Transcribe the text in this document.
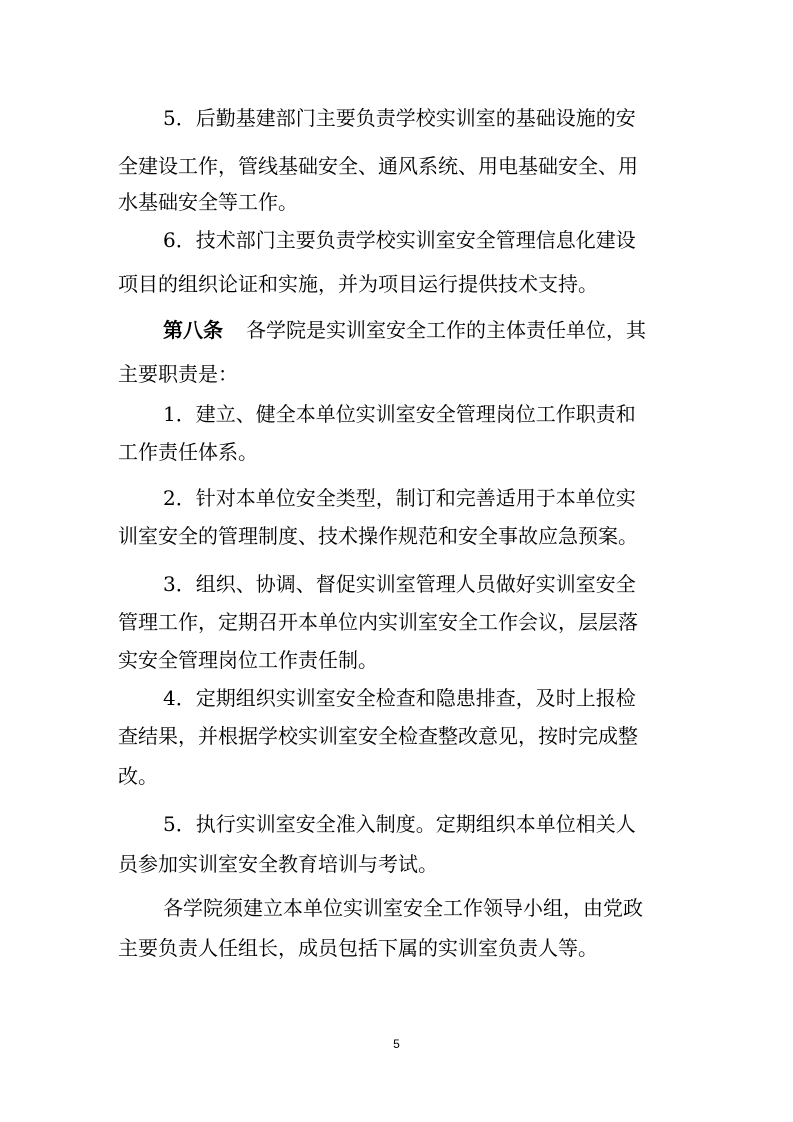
5．后勤基建部门主要负责学校实训室的基础设施的安
全建设工作，管线基础安全、通风系统、用电基础安全、用
水基础安全等工作。
6．技术部门主要负责学校实训室安全管理信息化建设
项目的组织论证和实施，并为项目运行提供技术支持。
第八条 各学院是实训室安全工作的主体责任单位，其
主要职责是：
1．建立、健全本单位实训室安全管理岗位工作职责和
工作责任体系。
2．针对本单位安全类型，制订和完善适用于本单位实
训室安全的管理制度、技术操作规范和安全事故应急预案。
3．组织、协调、督促实训室管理人员做好实训室安全
管理工作，定期召开本单位内实训室安全工作会议，层层落
实安全管理岗位工作责任制。
4．定期组织实训室安全检查和隐患排查，及时上报检
查结果，并根据学校实训室安全检查整改意见，按时完成整
改。
5．执行实训室安全准入制度。定期组织本单位相关人
员参加实训室安全教育培训与考试。
各学院须建立本单位实训室安全工作领导小组，由党政
主要负责人任组长，成员包括下属的实训室负责人等。
5
